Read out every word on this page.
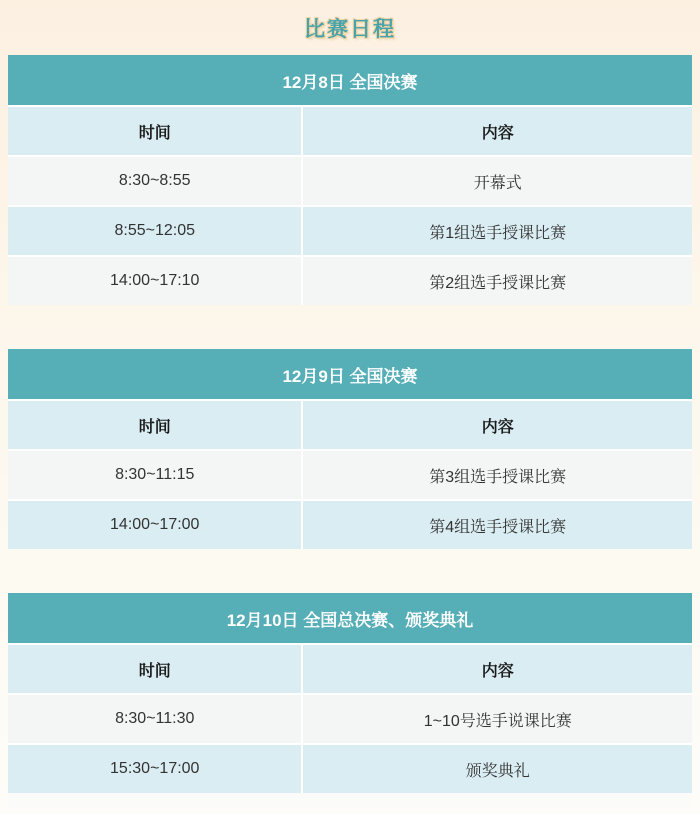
比赛日程
12月8日 全国决赛
时间	内容
8:30~8:55	开幕式
8:55~12:05	第1组选手授课比赛
14:00~17:10	第2组选手授课比赛
12月9日 全国决赛
时间	内容
8:30~11:15	第3组选手授课比赛
14:00~17:00	第4组选手授课比赛
12月10日 全国总决赛、颁奖典礼
时间	内容
8:30~11:30	1~10号选手说课比赛
15:30~17:00	颁奖典礼
